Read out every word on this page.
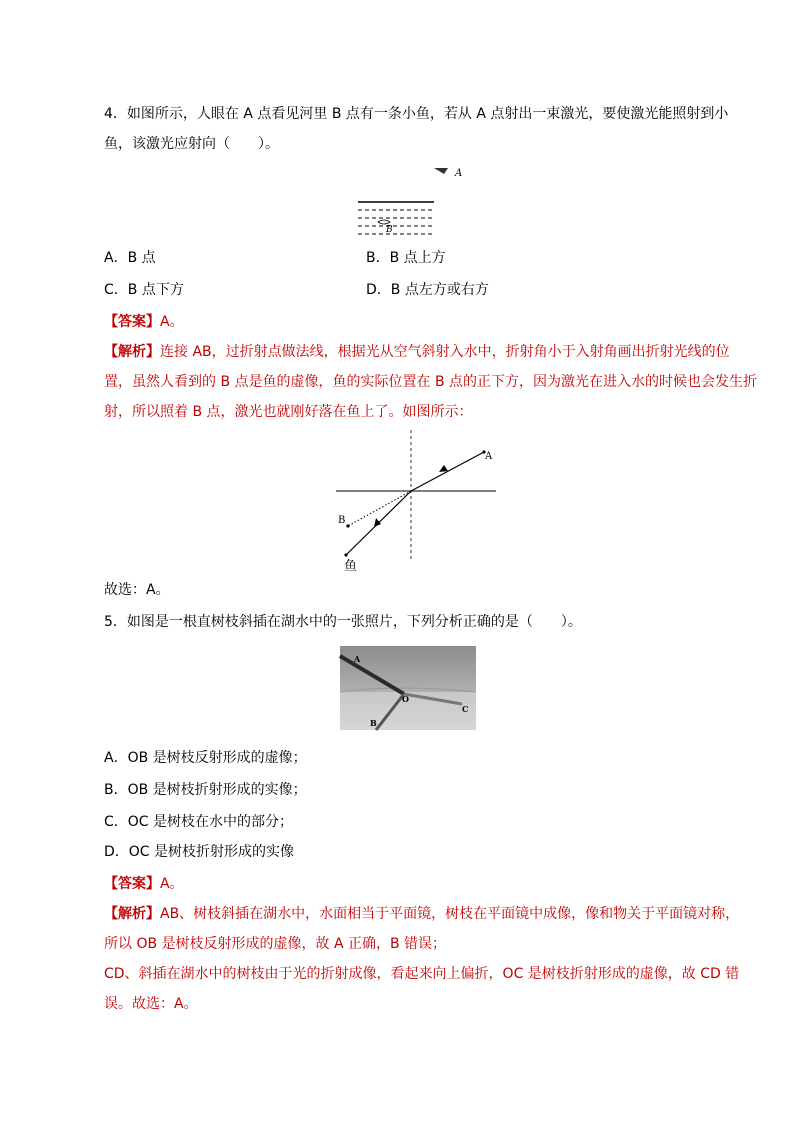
4．如图所示，人眼在 A 点看见河里 B 点有一条小鱼，若从 A 点射出一束激光，要使激光能照射到小
鱼，该激光应射向（　　）。
A
B
A．B 点	B．B 点上方
C．B 点下方	D．B 点左方或右方
【答案】A。
【解析】连接 AB，过折射点做法线，根据光从空气斜射入水中，折射角小于入射角画出折射光线的位
置，虽然人看到的 B 点是鱼的虚像，鱼的实际位置在 B 点的正下方，因为激光在进入水的时候也会发生折
射，所以照着 B 点，激光也就刚好落在鱼上了。如图所示：
A
B
鱼
故选：A。
5．如图是一根直树枝斜插在湖水中的一张照片，下列分析正确的是（　　）。
A
O
B
C
A．OB 是树枝反射形成的虚像；
B．OB 是树枝折射形成的实像；
C．OC 是树枝在水中的部分；
D．OC 是树枝折射形成的实像
【答案】A。
【解析】AB、树枝斜插在湖水中，水面相当于平面镜，树枝在平面镜中成像，像和物关于平面镜对称，
所以 OB 是树枝反射形成的虚像，故 A 正确，B 错误；
CD、斜插在湖水中的树枝由于光的折射成像，看起来向上偏折，OC 是树枝折射形成的虚像，故 CD 错
误。故选：A。
